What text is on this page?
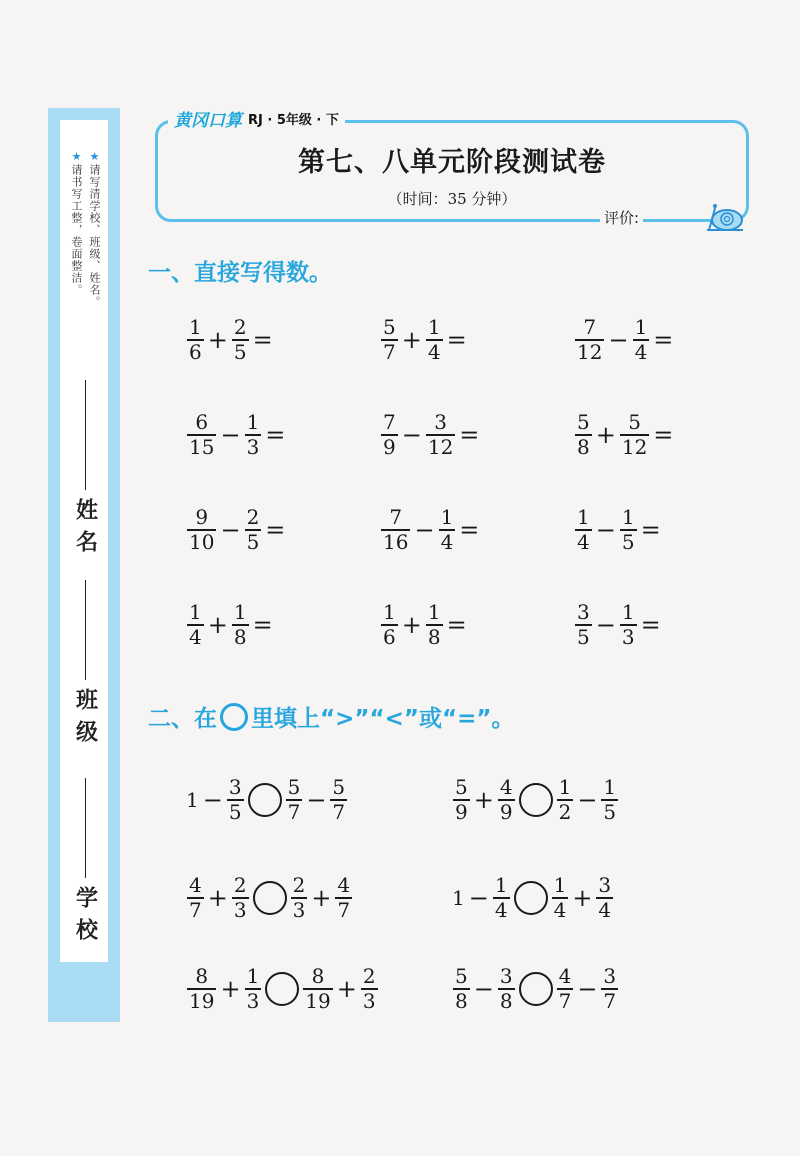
★请写清学校、班级、姓名。
★请书写工整，卷面整洁。
姓名
班级
学校
黄冈口算 RJ · 5年级 · 下
第七、八单元阶段测试卷
（时间：35 分钟）
评价:
一、直接写得数。
$\frac{1}{6} + \frac{2}{5}$ =	$\frac{5}{7} + \frac{1}{4}$ =	$\frac{7}{12} - \frac{1}{4}$ =
$\frac{6}{15} - \frac{1}{3}$ =	$\frac{7}{9} - \frac{3}{12}$ =	$\frac{5}{8} + \frac{5}{12}$ =
$\frac{9}{10} - \frac{2}{5}$ =	$\frac{7}{16} - \frac{1}{4}$ =	$\frac{1}{4} - \frac{1}{5}$ =
$\frac{1}{4} + \frac{1}{8}$ =	$\frac{1}{6} + \frac{1}{8}$ =	$\frac{3}{5} - \frac{1}{3}$ =
二、在 里填上“>”“<”或“=”。
$1 - \frac{3}{5} \frac{5}{7} - \frac{5}{7}$	$\frac{5}{9} + \frac{4}{9} \frac{1}{2} - \frac{1}{5}$
$\frac{4}{7} + \frac{2}{3} \frac{2}{3} + \frac{4}{7}$	$1 - \frac{1}{4} \frac{1}{4} + \frac{3}{4}$
$\frac{8}{19} + \frac{1}{3} \frac{8}{19} + \frac{2}{3}$	$\frac{5}{8} - \frac{3}{8} \frac{4}{7} - \frac{3}{7}$
